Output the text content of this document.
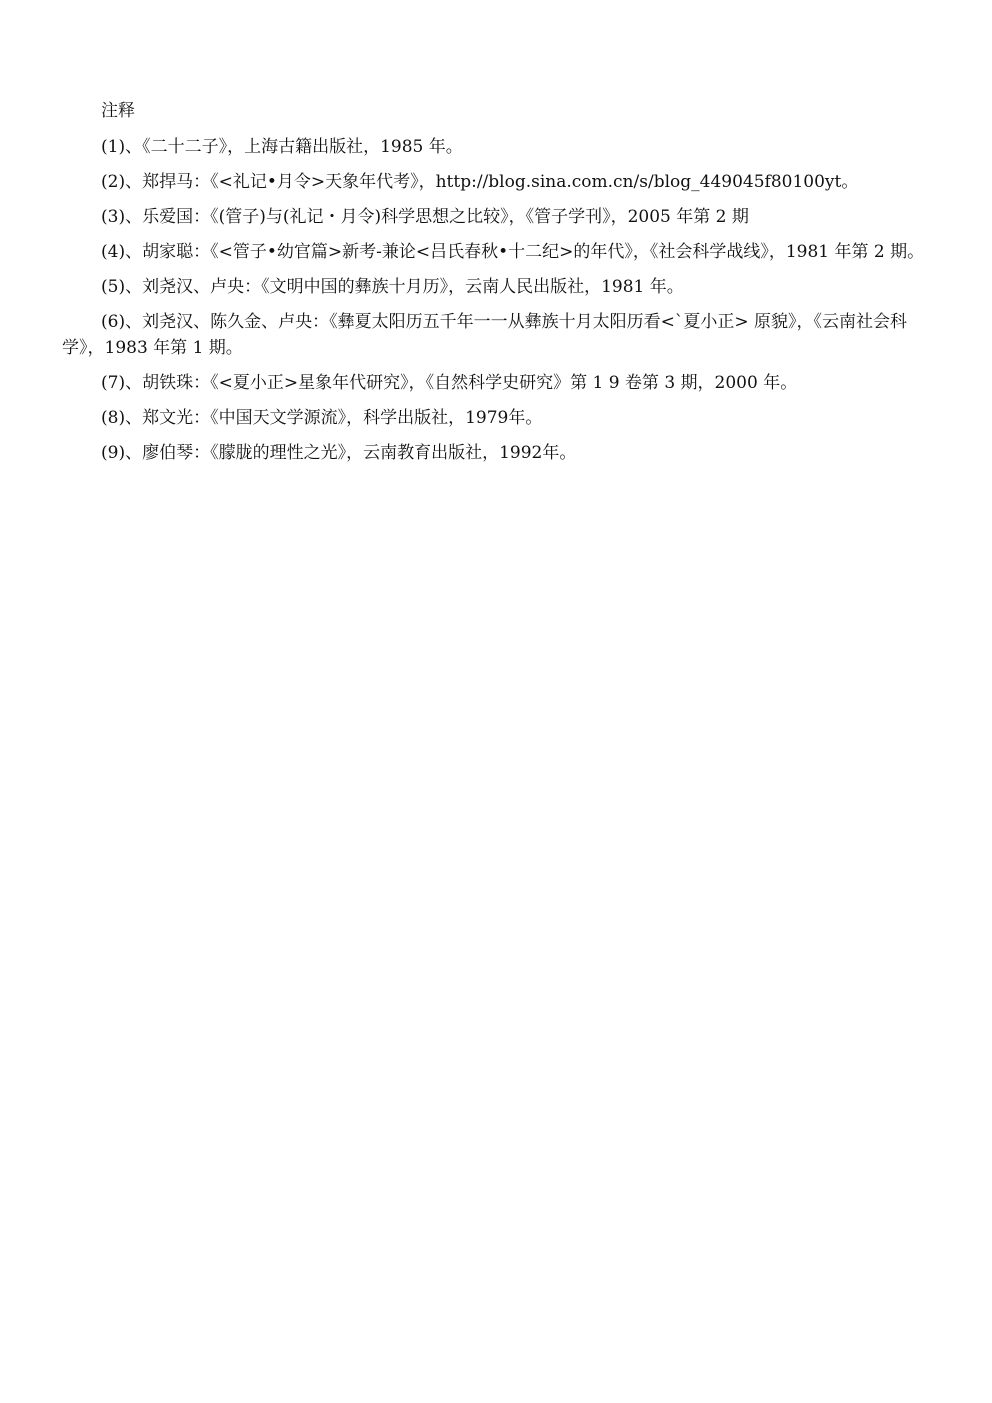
注释

(1)、《二十二子》，上海古籍出版社，1985 年。

(2)、郑捍马：《<礼记•月令>天象年代考》，http://blog.sina.com.cn/s/blog_449045f80100yt。

(3)、乐爱国：《(管子)与(礼记・月令)科学思想之比较》，《管子学刊》，2005 年第 2 期

(4)、胡家聪：《<管子•幼官篇>新考-兼论<吕氏春秋•十二纪>的年代》，《社会科学战线》，1981 年第 2 期。

(5)、刘尧汉、卢央：《文明中国的彝族十月历》，云南人民出版社，1981 年。

(6)、刘尧汉、陈久金、卢央：《彝夏太阳历五千年一一从彝族十月太阳历看<`夏小正> 原貌》，《云南社会科学》，1983 年第 1 期。

(7)、胡铁珠：《<夏小正>星象年代研究》，《自然科学史研究》第 1 9 卷第 3 期，2000 年。

(8)、郑文光：《中国天文学源流》，科学出版社，1979年。

(9)、廖伯琴：《朦胧的理性之光》，云南教育出版社，1992年。
